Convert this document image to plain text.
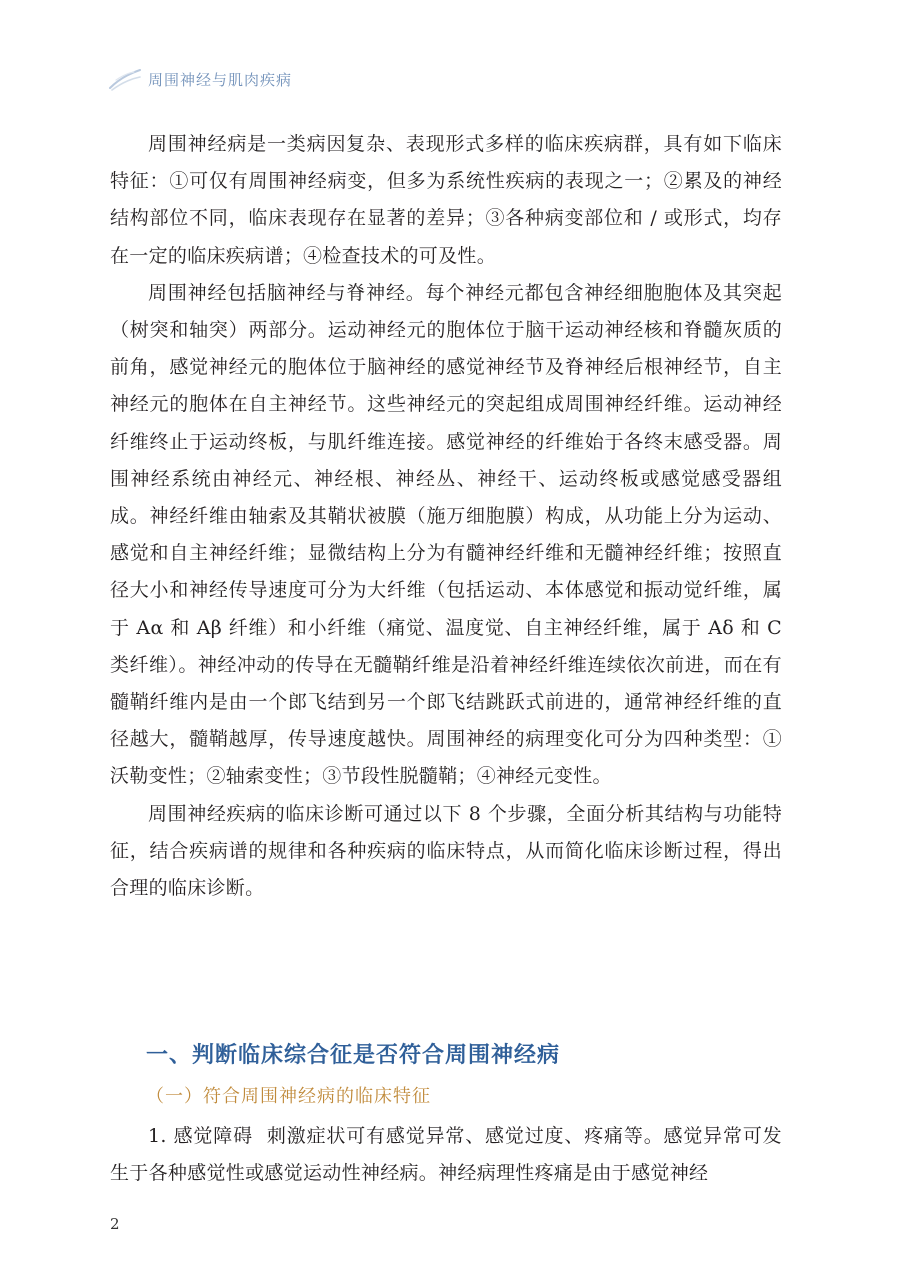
周围神经与肌肉疾病

周围神经病是一类病因复杂、表现形式多样的临床疾病群，具有如下临床特征：①可仅有周围神经病变，但多为系统性疾病的表现之一；②累及的神经结构部位不同，临床表现存在显著的差异；③各种病变部位和 / 或形式，均存在一定的临床疾病谱；④检查技术的可及性。

周围神经包括脑神经与脊神经。每个神经元都包含神经细胞胞体及其突起（树突和轴突）两部分。运动神经元的胞体位于脑干运动神经核和脊髓灰质的前角，感觉神经元的胞体位于脑神经的感觉神经节及脊神经后根神经节，自主神经元的胞体在自主神经节。这些神经元的突起组成周围神经纤维。运动神经纤维终止于运动终板，与肌纤维连接。感觉神经的纤维始于各终末感受器。周围神经系统由神经元、神经根、神经丛、神经干、运动终板或感觉感受器组成。神经纤维由轴索及其鞘状被膜（施万细胞膜）构成，从功能上分为运动、感觉和自主神经纤维；显微结构上分为有髓神经纤维和无髓神经纤维；按照直径大小和神经传导速度可分为大纤维（包括运动、本体感觉和振动觉纤维，属于 Aα 和 Aβ 纤维）和小纤维（痛觉、温度觉、自主神经纤维，属于 Aδ 和 C 类纤维）。神经冲动的传导在无髓鞘纤维是沿着神经纤维连续依次前进，而在有髓鞘纤维内是由一个郎飞结到另一个郎飞结跳跃式前进的，通常神经纤维的直径越大，髓鞘越厚，传导速度越快。周围神经的病理变化可分为四种类型：①沃勒变性；②轴索变性；③节段性脱髓鞘；④神经元变性。

周围神经疾病的临床诊断可通过以下 8 个步骤，全面分析其结构与功能特征，结合疾病谱的规律和各种疾病的临床特点，从而简化临床诊断过程，得出合理的临床诊断。

一、判断临床综合征是否符合周围神经病
（一）符合周围神经病的临床特征

1. 感觉障碍 刺激症状可有感觉异常、感觉过度、疼痛等。感觉异常可发生于各种感觉性或感觉运动性神经病。神经病理性疼痛是由于感觉神经

2
